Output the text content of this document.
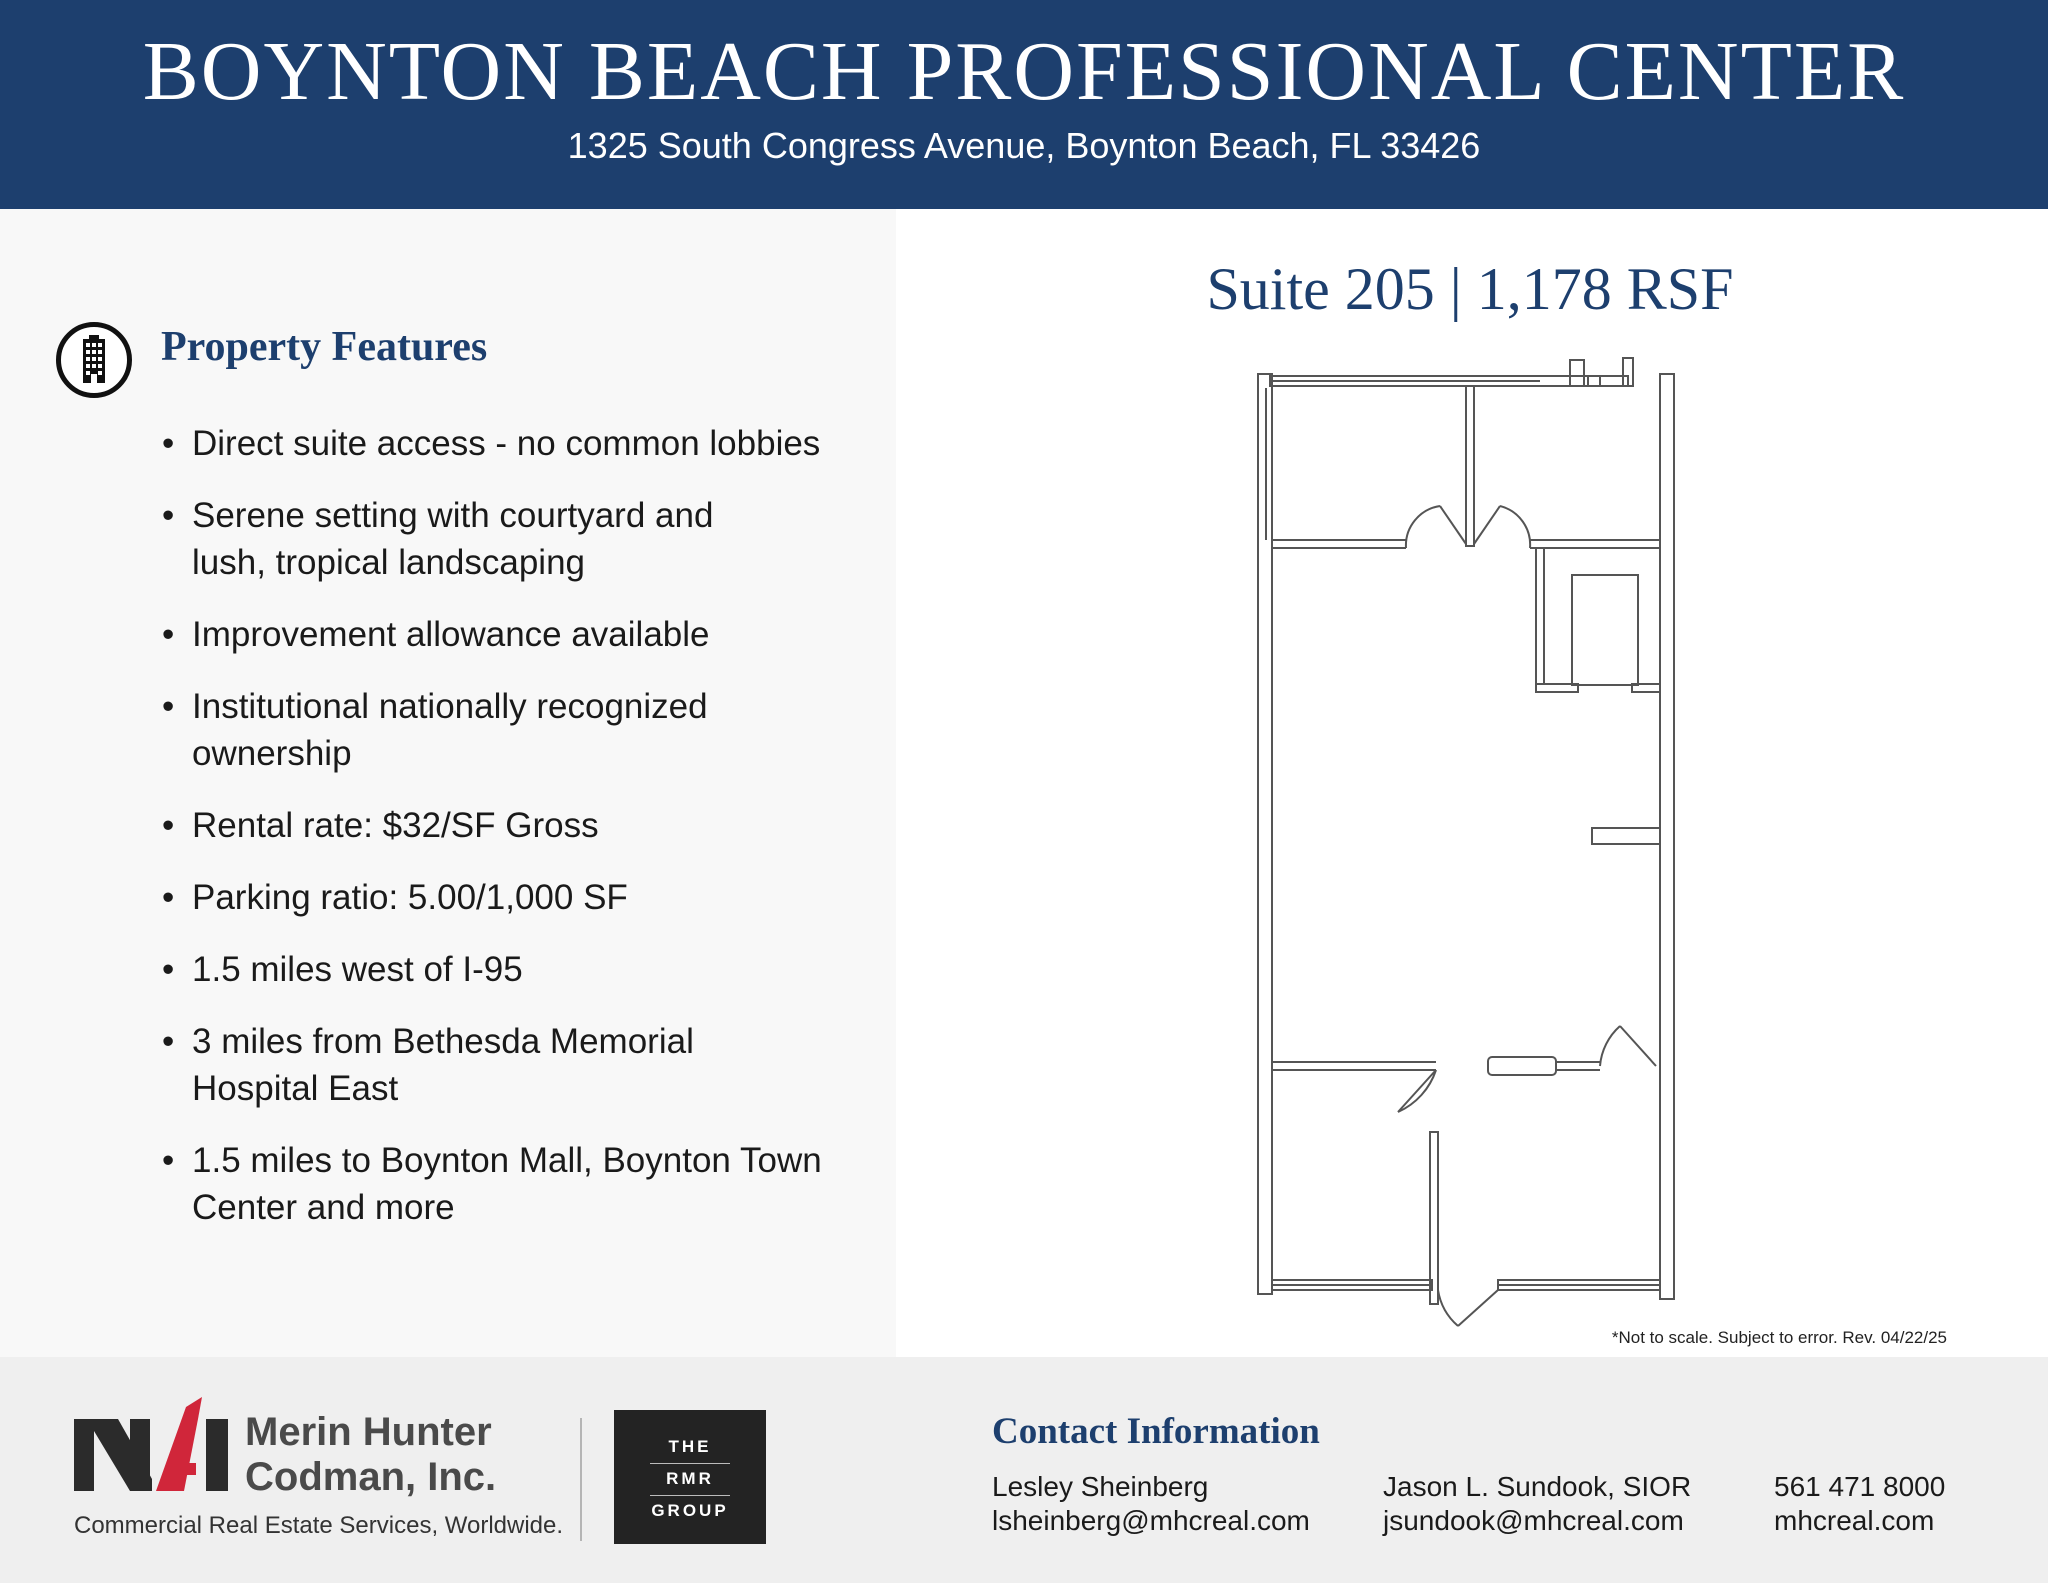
BOYNTON BEACH PROFESSIONAL CENTER
1325 South Congress Avenue, Boynton Beach, FL 33426
Property Features
• Direct suite access - no common lobbies
• Serene setting with courtyard and
lush, tropical landscaping
• Improvement allowance available
• Institutional nationally recognized
ownership
• Rental rate: $32/SF Gross
• Parking ratio: 5.00/1,000 SF
• 1.5 miles west of I-95
• 3 miles from Bethesda Memorial
Hospital East
• 1.5 miles to Boynton Mall, Boynton Town
Center and more
Suite 205 | 1,178 RSF
*Not to scale. Subject to error. Rev. 04/22/25
Merin Hunter
Codman, Inc.
Commercial Real Estate Services, Worldwide.
THE
RMR
GROUP
Contact Information
Lesley Sheinberg
lsheinberg@mhcreal.com
Jason L. Sundook, SIOR
jsundook@mhcreal.com
561 471 8000
mhcreal.com
